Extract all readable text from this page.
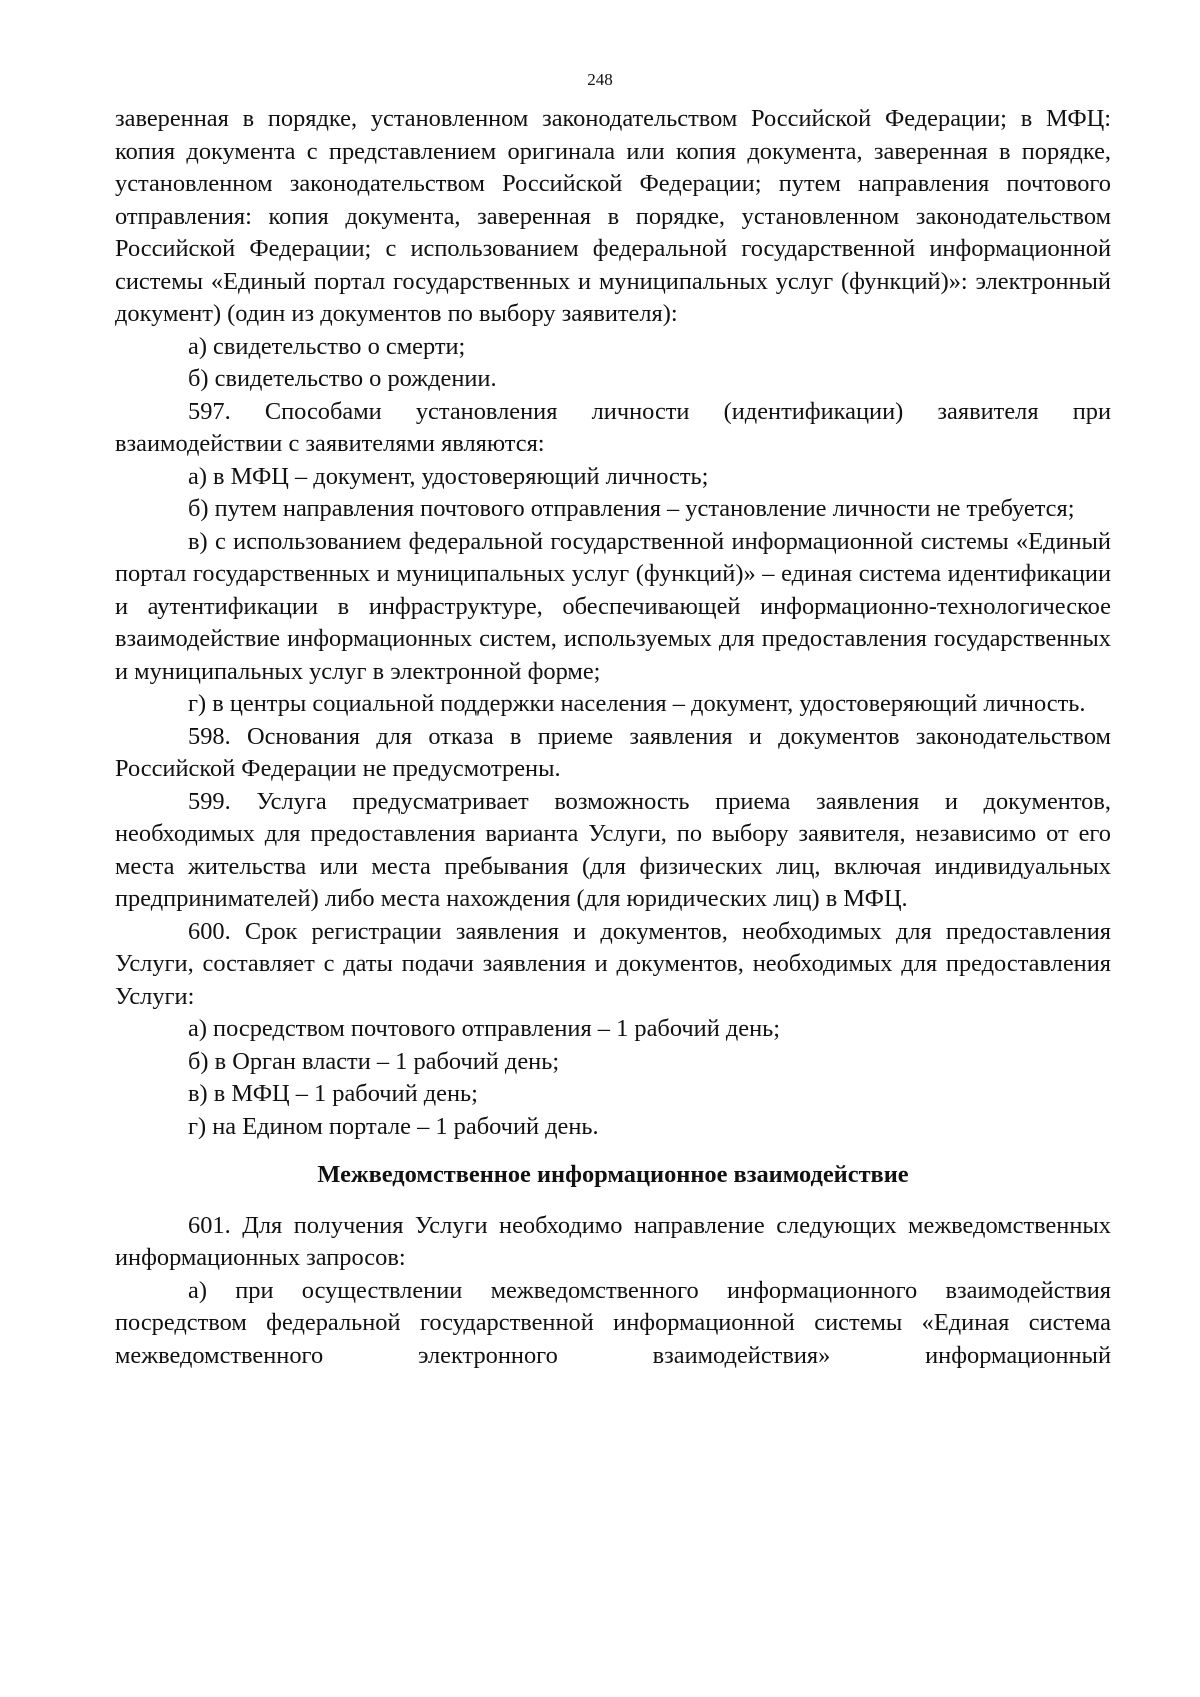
248

заверенная в порядке, установленном законодательством Российской Федерации; в МФЦ: копия документа с представлением оригинала или копия документа, заверенная в порядке, установленном законодательством Российской Федерации; путем направления почтового отправления: копия документа, заверенная в порядке, установленном законодательством Российской Федерации; с использованием федеральной государственной информационной системы «Единый портал государственных и муниципальных услуг (функций)»: электронный документ) (один из документов по выбору заявителя):

а) свидетельство о смерти;

б) свидетельство о рождении.

597. Способами установления личности (идентификации) заявителя при взаимодействии с заявителями являются:

а) в МФЦ – документ, удостоверяющий личность;

б) путем направления почтового отправления – установление личности не требуется;

в) с использованием федеральной государственной информационной системы «Единый портал государственных и муниципальных услуг (функций)» – единая система идентификации и аутентификации в инфраструктуре, обеспечивающей информационно-технологическое взаимодействие информационных систем, используемых для предоставления государственных и муниципальных услуг в электронной форме;

г) в центры социальной поддержки населения – документ, удостоверяющий личность.

598. Основания для отказа в приеме заявления и документов законодательством Российской Федерации не предусмотрены.

599. Услуга предусматривает возможность приема заявления и документов, необходимых для предоставления варианта Услуги, по выбору заявителя, независимо от его места жительства или места пребывания (для физических лиц, включая индивидуальных предпринимателей) либо места нахождения (для юридических лиц) в МФЦ.

600. Срок регистрации заявления и документов, необходимых для предоставления Услуги, составляет с даты подачи заявления и документов, необходимых для предоставления Услуги:

а) посредством почтового отправления – 1 рабочий день;

б) в Орган власти – 1 рабочий день;

в) в МФЦ – 1 рабочий день;

г) на Едином портале – 1 рабочий день.

Межведомственное информационное взаимодействие

601. Для получения Услуги необходимо направление следующих межведомственных информационных запросов:

а) при осуществлении межведомственного информационного взаимодействия посредством федеральной государственной информационной системы «Единая система межведомственного электронного взаимодействия» информационный
